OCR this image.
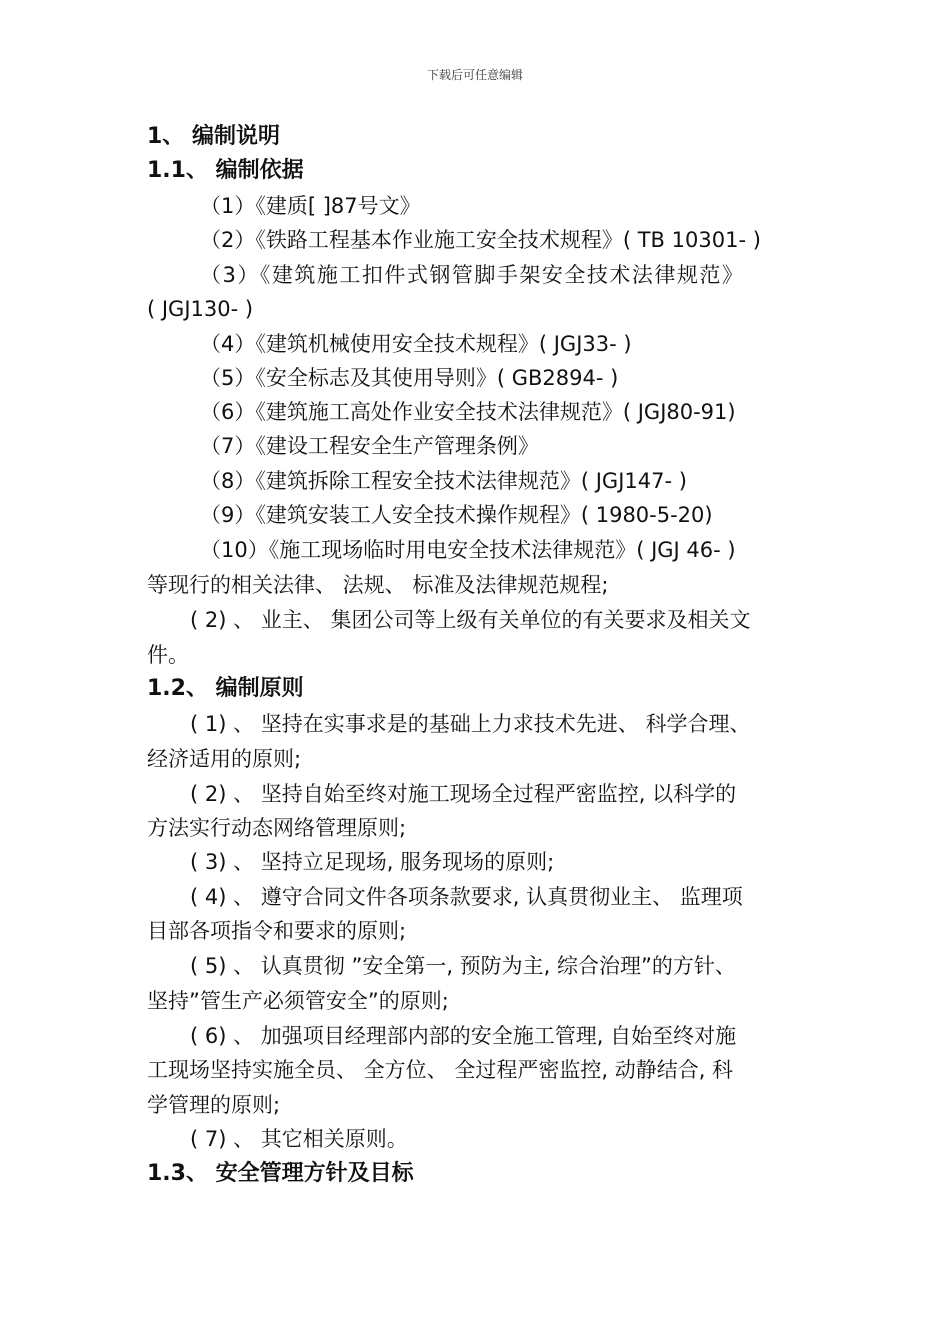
下载后可任意编辑
1、 编制说明
1.1、 编制依据
（1）《建质[ ]87号文》
（2）《铁路工程基本作业施工安全技术规程》( TB 10301- )
（3）《建筑施工扣件式钢管脚手架安全技术法律规范》
( JGJ130- )
（4）《建筑机械使用安全技术规程》( JGJ33- )
（5）《安全标志及其使用导则》( GB2894- )
（6）《建筑施工高处作业安全技术法律规范》( JGJ80-91)
（7）《建设工程安全生产管理条例》
（8）《建筑拆除工程安全技术法律规范》( JGJ147- )
（9）《建筑安装工人安全技术操作规程》( 1980-5-20)
（10）《施工现场临时用电安全技术法律规范》( JGJ 46- )
等现行的相关法律、 法规、 标准及法律规范规程;
( 2) 、 业主、 集团公司等上级有关单位的有关要求及相关文
件。
1.2、 编制原则
( 1) 、 坚持在实事求是的基础上力求技术先进、 科学合理、
经济适用的原则;
( 2) 、 坚持自始至终对施工现场全过程严密监控, 以科学的
方法实行动态网络管理原则;
( 3) 、 坚持立足现场, 服务现场的原则;
( 4) 、 遵守合同文件各项条款要求, 认真贯彻业主、 监理项
目部各项指令和要求的原则;
( 5) 、 认真贯彻 ”安全第一, 预防为主, 综合治理”的方针、
坚持”管生产必须管安全”的原则;
( 6) 、 加强项目经理部内部的安全施工管理, 自始至终对施
工现场坚持实施全员、 全方位、 全过程严密监控, 动静结合, 科
学管理的原则;
( 7) 、 其它相关原则。
1.3、 安全管理方针及目标
